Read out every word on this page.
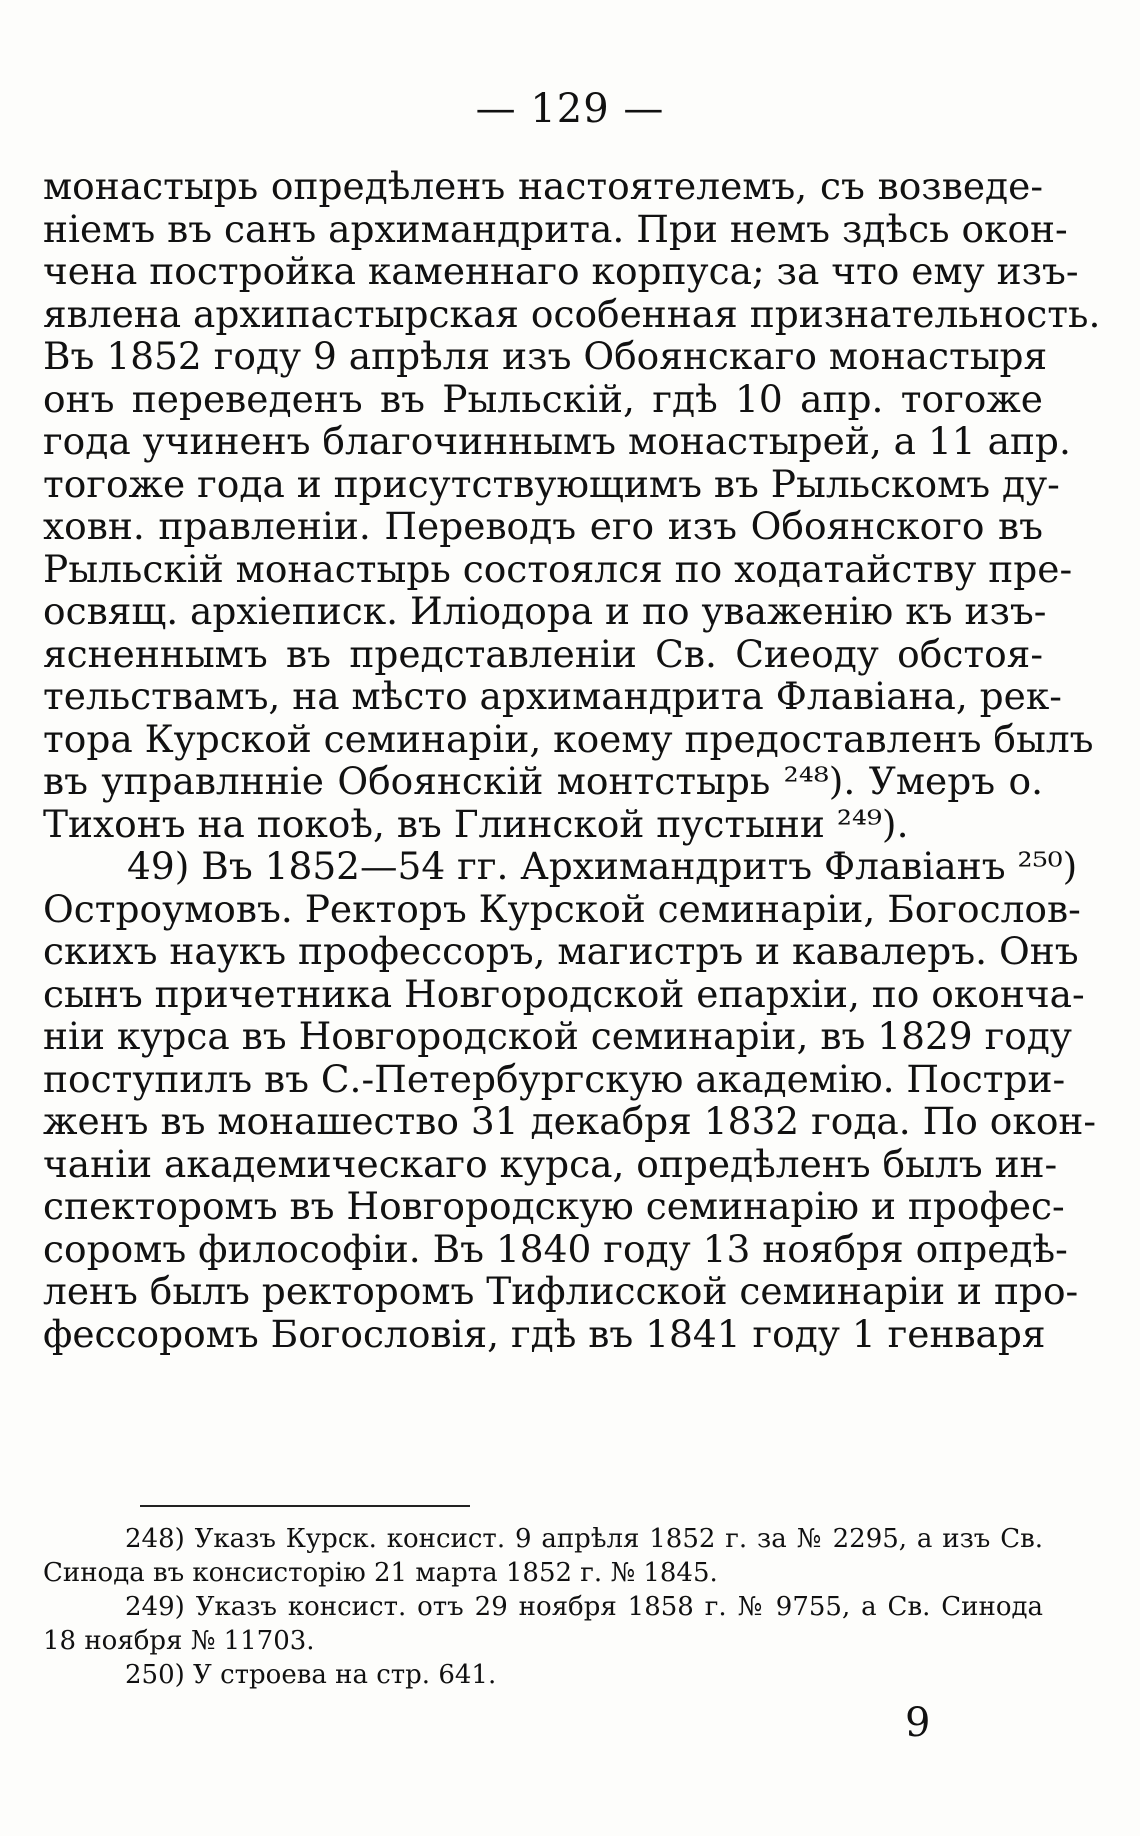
— 129 —
монастырь опредѣленъ настоятелемъ, съ возведе-
ніемъ въ санъ архимандрита. При немъ здѣсь окон-
чена постройка каменнаго корпуса; за что ему изъ-
явлена архипастырская особенная признательность.
Въ 1852 году 9 апрѣля изъ Обоянскаго монастыря
онъ переведенъ въ Рыльскій, гдѣ 10 апр. тогоже
года учиненъ благочиннымъ монастырей, а 11 апр.
тогоже года и присутствующимъ въ Рыльскомъ ду-
ховн. правленіи. Переводъ его изъ Обоянского въ
Рыльскій монастырь состоялся по ходатайству пре-
освящ. архіеписк. Иліодора и по уваженію къ изъ-
ясненнымъ въ представленіи Св. Сиеоду обстоя-
тельствамъ, на мѣсто архимандрита Флавіана, рек-
тора Курской семинаріи, коему предоставленъ былъ
въ управлнніе Обоянскій монтстырь ²⁴⁸). Умеръ о.
Тихонъ на покоѣ, въ Глинской пустыни ²⁴⁹).
49) Въ 1852—54 гг. Архимандритъ Флавіанъ ²⁵⁰)
Остроумовъ. Ректоръ Курской семинаріи, Богослов-
скихъ наукъ профессоръ, магистръ и кавалеръ. Онъ
сынъ причетника Новгородской епархіи, по оконча-
ніи курса въ Новгородской семинаріи, въ 1829 году
поступилъ въ С.-Петербургскую академію. Постри-
женъ въ монашество 31 декабря 1832 года. По окон-
чаніи академическаго курса, опредѣленъ былъ ин-
спекторомъ въ Новгородскую семинарію и профес-
соромъ философіи. Въ 1840 году 13 ноября опредѣ-
ленъ былъ ректоромъ Тифлисской семинаріи и про-
фессоромъ Богословія, гдѣ въ 1841 году 1 генваря
248) Указъ Курск. консист. 9 апрѣля 1852 г. за № 2295, а изъ Св.
Синода въ консисторію 21 марта 1852 г. № 1845.
249) Указъ консист. отъ 29 ноября 1858 г. № 9755, а Св. Синода
18 ноября № 11703.
250) У строева на стр. 641.
9
